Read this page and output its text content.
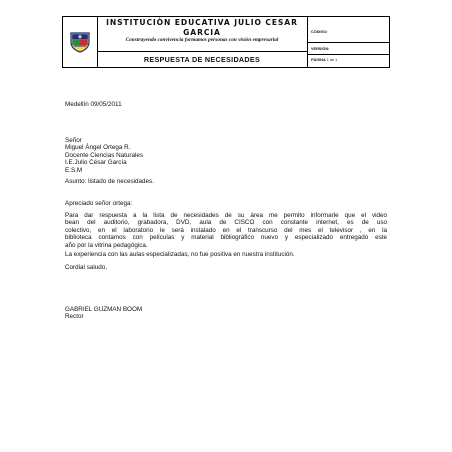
INSTITUCIÒN EDUCATIVA JULIO CESAR GARCIA
Construyendo convivencia formamos personas con visión empresarial
RESPUESTA DE NECESIDADES
CÓDIGO:
VERSIÓN:
PÁGINA 1 de 1
Medellín 09/05/2011
Señor
Miguel Ángel Ortega R.
Docente Ciencias Naturales
I.E.Julio César García
E.S.M
Asunto: listado de necesidades.
Apreciado señor ortega:
Para dar respuesta a la lista de necesidades de su área me permito informarle que el video
bean del auditorio, grabadora, DVD, aula de CISCO con constante internet, es de uso
colectivo, en el laboratorio le será instalado en el transcurso del mes el televisor , en la
biblioteca contamos con películas y material bibliográfico nuevo y especializado entregado este
año por la vitrina pedagógica.
La experiencia con las aulas especializadas, no fue positiva en nuestra institución.
Cordial saludo,
GABRIEL GUZMAN BOOM
Rector
